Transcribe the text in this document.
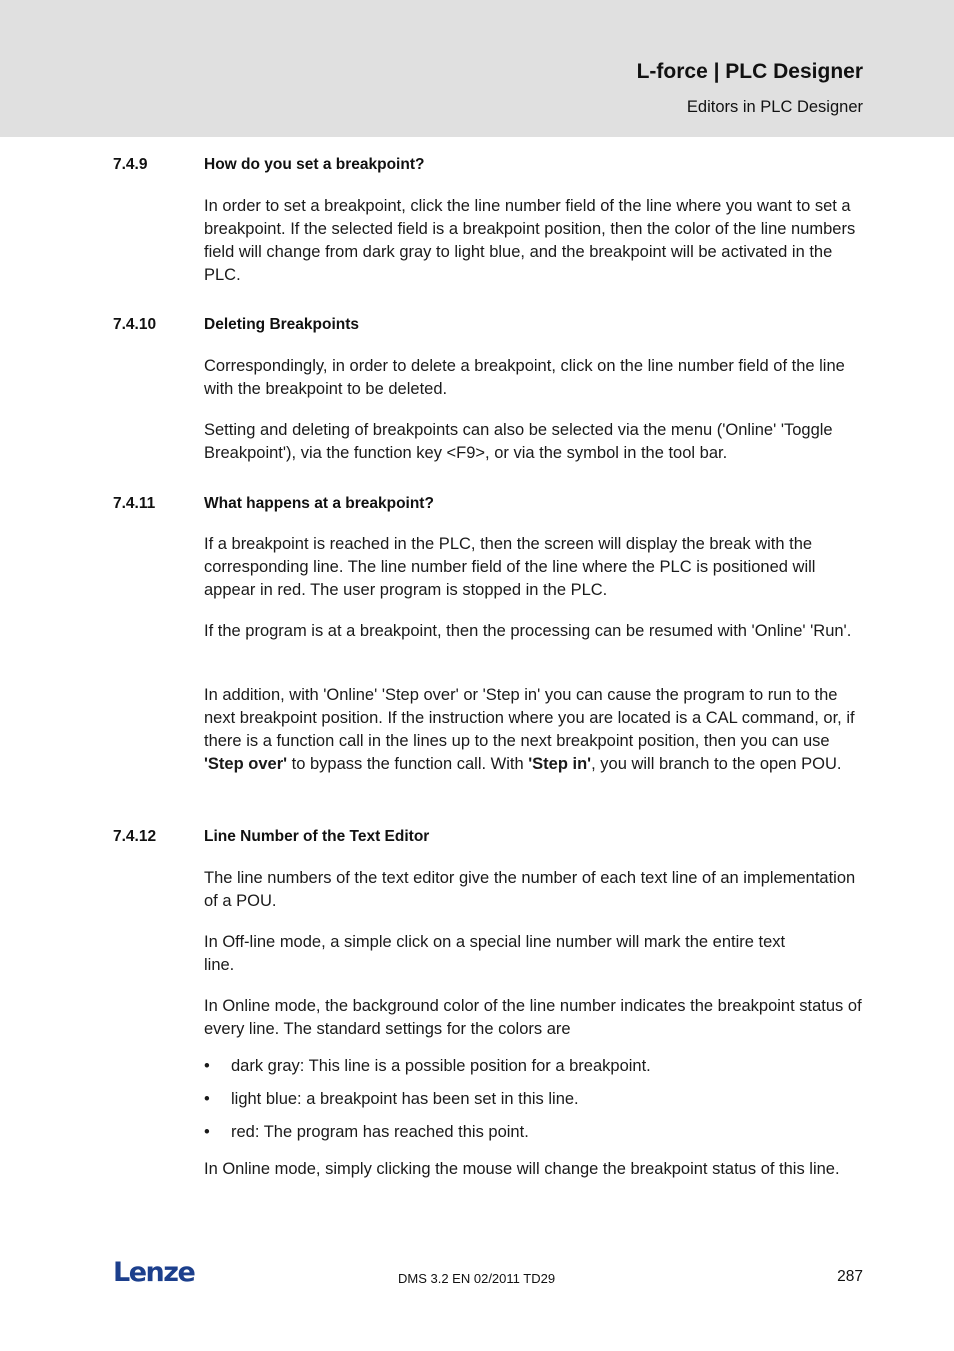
L-force | PLC Designer
Editors in PLC Designer
7.4.9	How do you set a breakpoint?

In order to set a breakpoint, click the line number field of the line where you want to set a breakpoint. If the selected field is a breakpoint position, then the color of the line numbers field will change from dark gray to light blue, and the breakpoint will be activated in the PLC.

7.4.10	Deleting Breakpoints

Correspondingly, in order to delete a breakpoint, click on the line number field of the line with the breakpoint to be deleted.

Setting and deleting of breakpoints can also be selected via the menu ('Online' 'Toggle Breakpoint'), via the function key <F9>, or via the symbol in the tool bar.

7.4.11	What happens at a breakpoint?

If a breakpoint is reached in the PLC, then the screen will display the break with the corresponding line. The line number field of the line where the PLC is positioned will appear in red. The user program is stopped in the PLC.

If the program is at a breakpoint, then the processing can be resumed with 'Online' 'Run'.

In addition, with 'Online' 'Step over' or 'Step in' you can cause the program to run to the next breakpoint position. If the instruction where you are located is a CAL command, or, if there is a function call in the lines up to the next breakpoint position, then you can use 'Step over' to bypass the function call. With 'Step in', you will branch to the open POU.

7.4.12	Line Number of the Text Editor

The line numbers of the text editor give the number of each text line of an implementation of a POU.

In Off-line mode, a simple click on a special line number will mark the entire text line.

In Online mode, the background color of the line number indicates the breakpoint status of every line. The standard settings for the colors are

•	dark gray: This line is a possible position for a breakpoint.
•	light blue: a breakpoint has been set in this line.
•	red: The program has reached this point.

In Online mode, simply clicking the mouse will change the breakpoint status of this line.

Lenze	DMS 3.2 EN 02/2011 TD29	287
